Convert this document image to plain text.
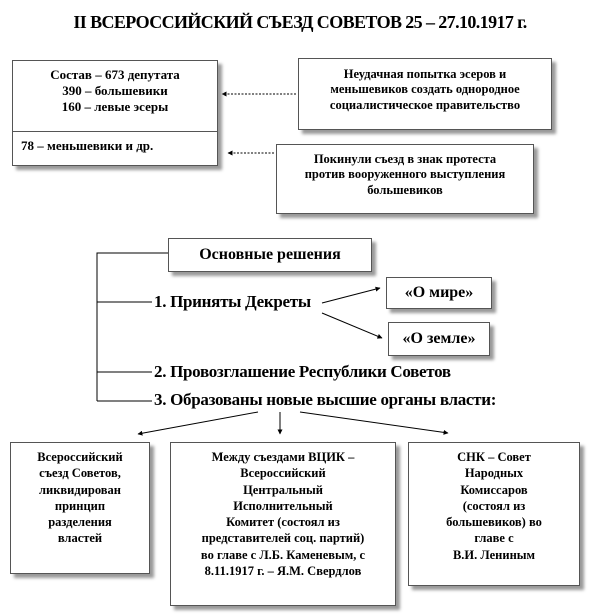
II ВСЕРОССИЙСКИЙ СЪЕЗД СОВЕТОВ 25 – 27.10.1917 г.
Состав – 673 депутата
390 – большевики
160 – левые эсеры
78 – меньшевики и др.
Неудачная попытка эсеров и
меньшевиков создать однородное
социалистическое правительство
Покинули съезд в знак протеста
против вооруженного выступления
большевиков
Основные решения
1. Приняты Декреты	«О мире»
«О земле»
2. Провозглашение Республики Советов
3. Образованы новые высшие органы власти:
Всероссийский
съезд Советов,
ликвидирован
принцип
разделения
властей
Между съездами ВЦИК –
Всероссийский
Центральный
Исполнительный
Комитет (состоял из
представителей соц. партий)
во главе с Л.Б. Каменевым, с
8.11.1917 г. – Я.М. Свердлов
СНК – Совет
Народных
Комиссаров
(состоял из
большевиков) во
главе с
В.И. Лениным
